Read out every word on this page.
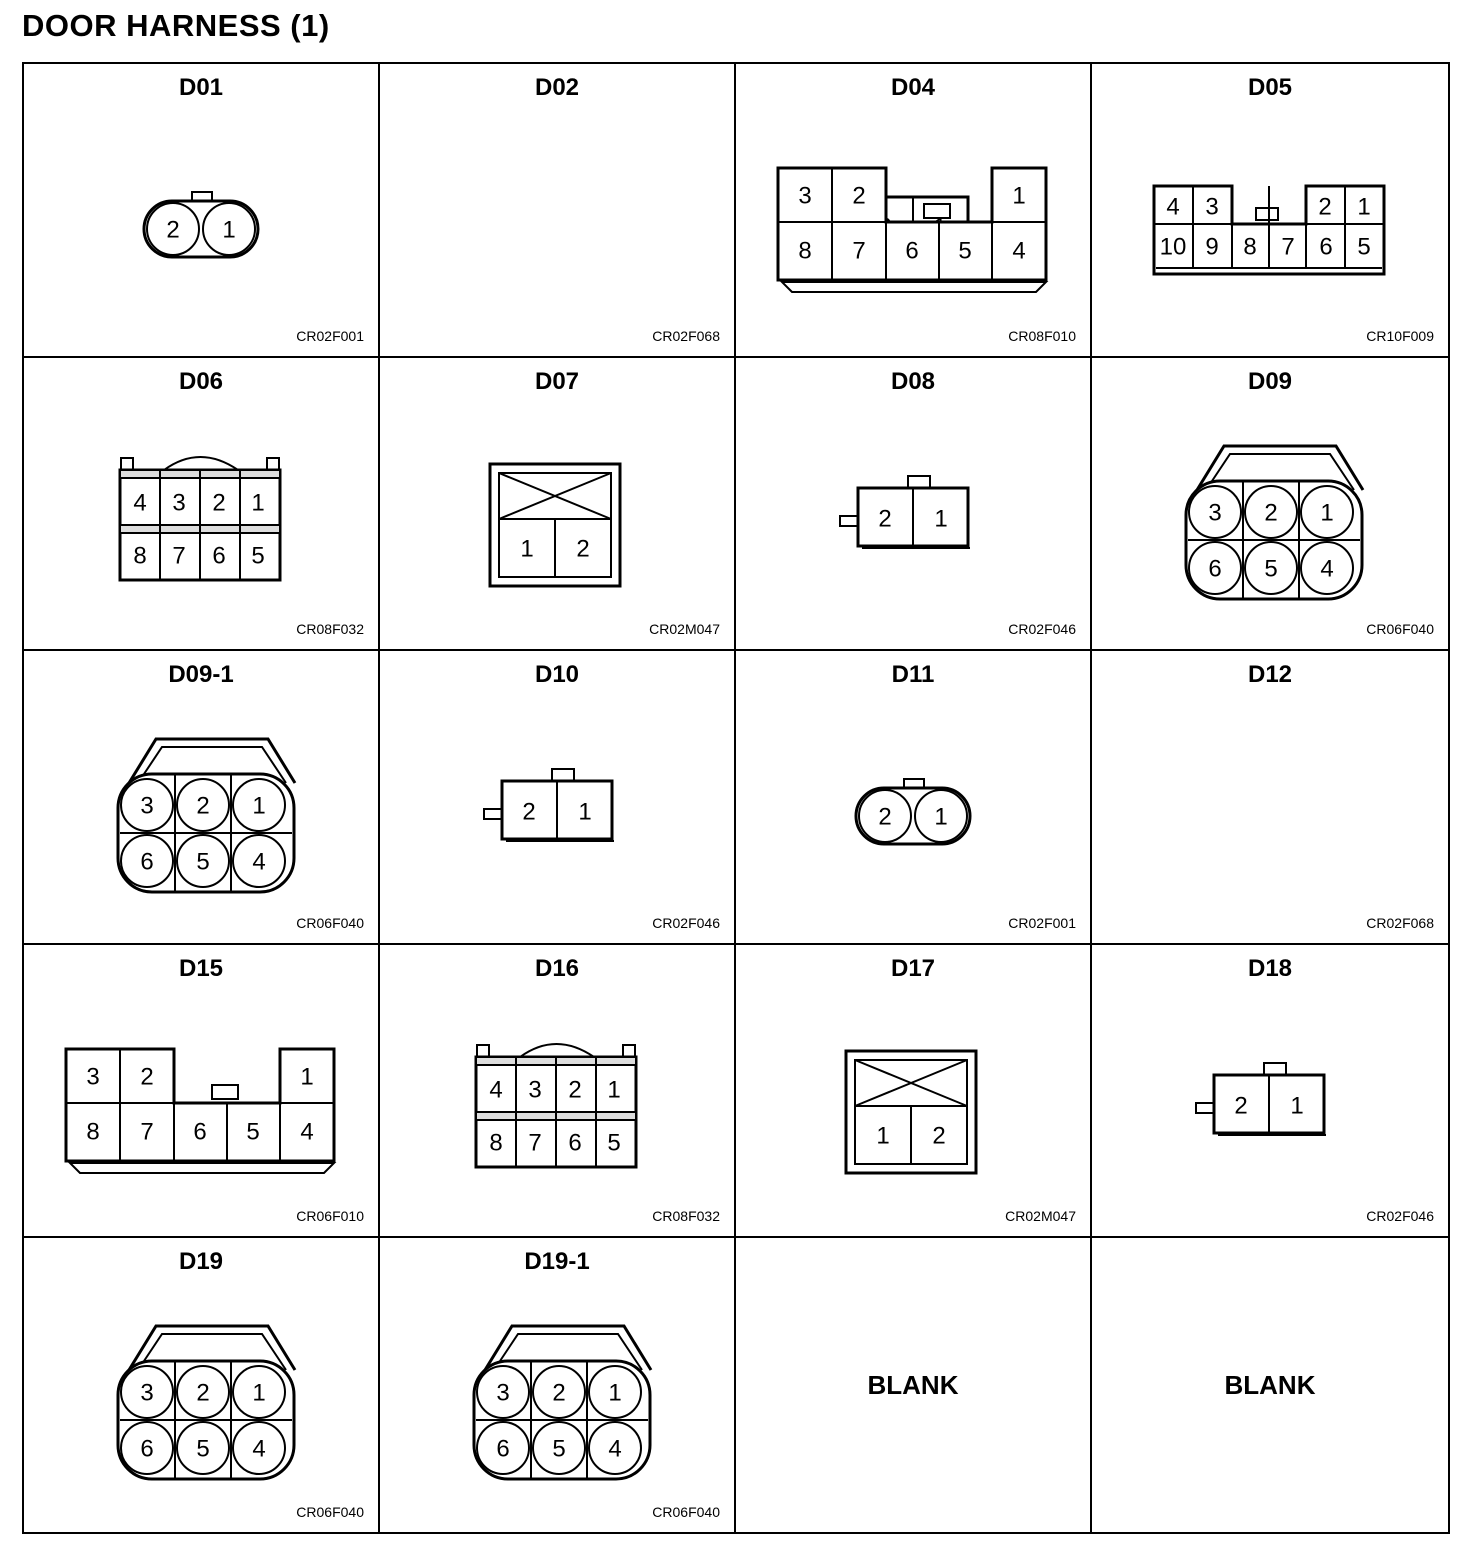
DOOR HARNESS (1)
2 1
D01
CR02F001
D02
CR02F068
3 2	1
8 7 6 5 4
D04
CR08F010
4 3	2 1
10 9 8 7 6 5
D05
CR10F009
4 3 2 1
8 7 6 5
D06
CR08F032
1 2
D07
CR02M047
2 1
D08
CR02F046
3 2 1
6 5 4
D09
CR06F040
3 2 1
6 5 4
D09-1
CR06F040
2 1
D10
CR02F046
2 1
D11
CR02F001
D12
CR02F068
3 2	1
8 7 6 5 4
D15
CR06F010
4 3 2 1
8 7 6 5
D16
CR08F032
1 2
D17
CR02M047
2 1
D18
CR02F046
3 2 1
6 5 4
D19
CR06F040
3 2 1
6 5 4
D19-1
CR06F040
BLANK	BLANK
